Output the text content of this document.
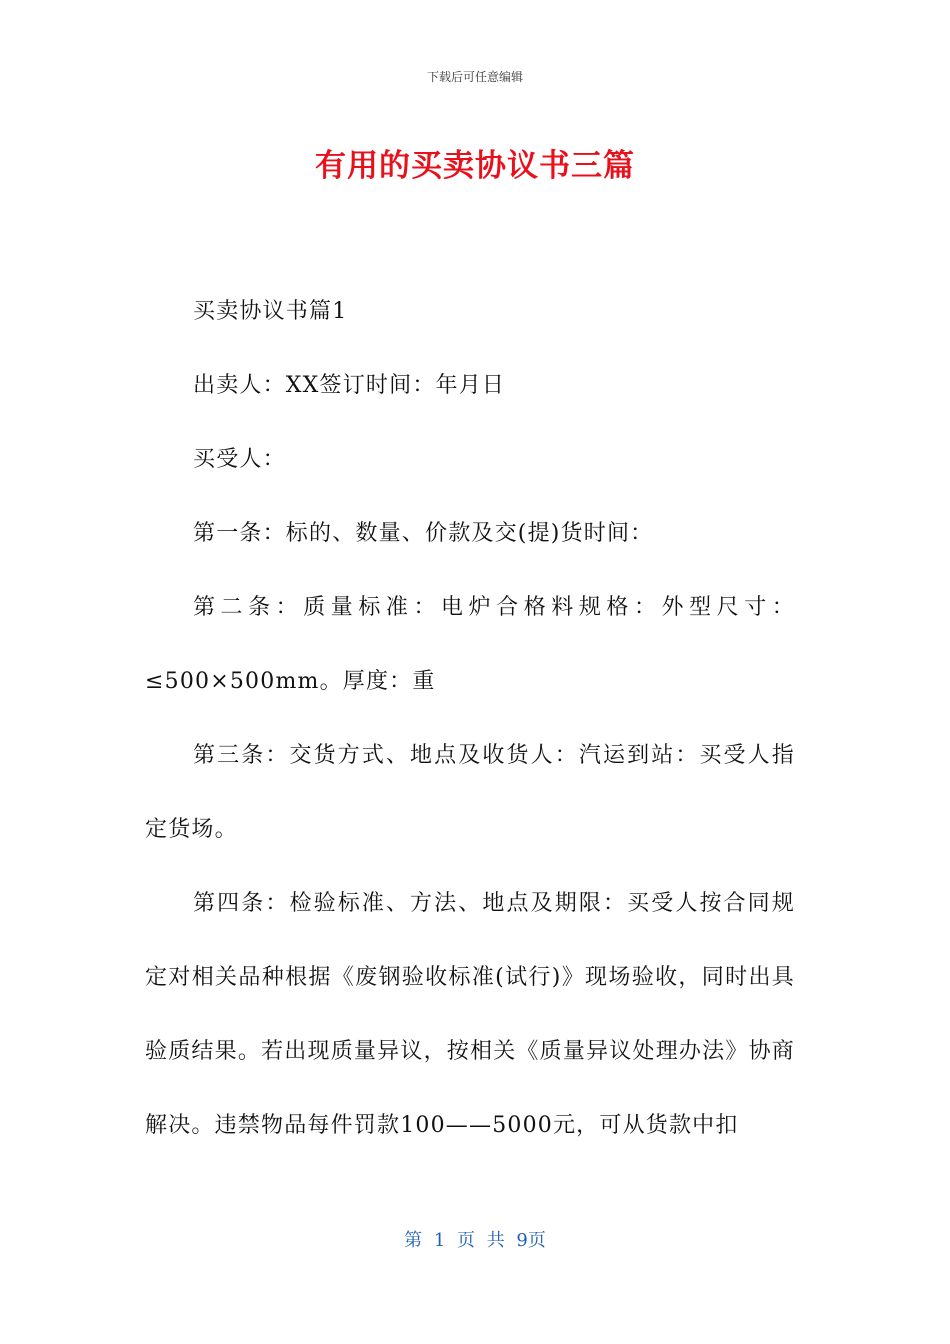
下载后可任意编辑
有用的买卖协议书三篇

买卖协议书篇1

出卖人：XX签订时间：年月日

买受人：

第一条：标的、数量、价款及交(提)货时间：

第二条：质量标准：电炉合格料规格：外型尺寸：≤500×500mm。厚度：重

第三条：交货方式、地点及收货人：汽运到站：买受人指定货场。

第四条：检验标准、方法、地点及期限：买受人按合同规定对相关品种根据《废钢验收标准(试行)》现场验收，同时出具验质结果。若出现质量异议，按相关《质量异议处理办法》协商解决。违禁物品每件罚款100——5000元，可从货款中扣

第 1 页 共 9页
